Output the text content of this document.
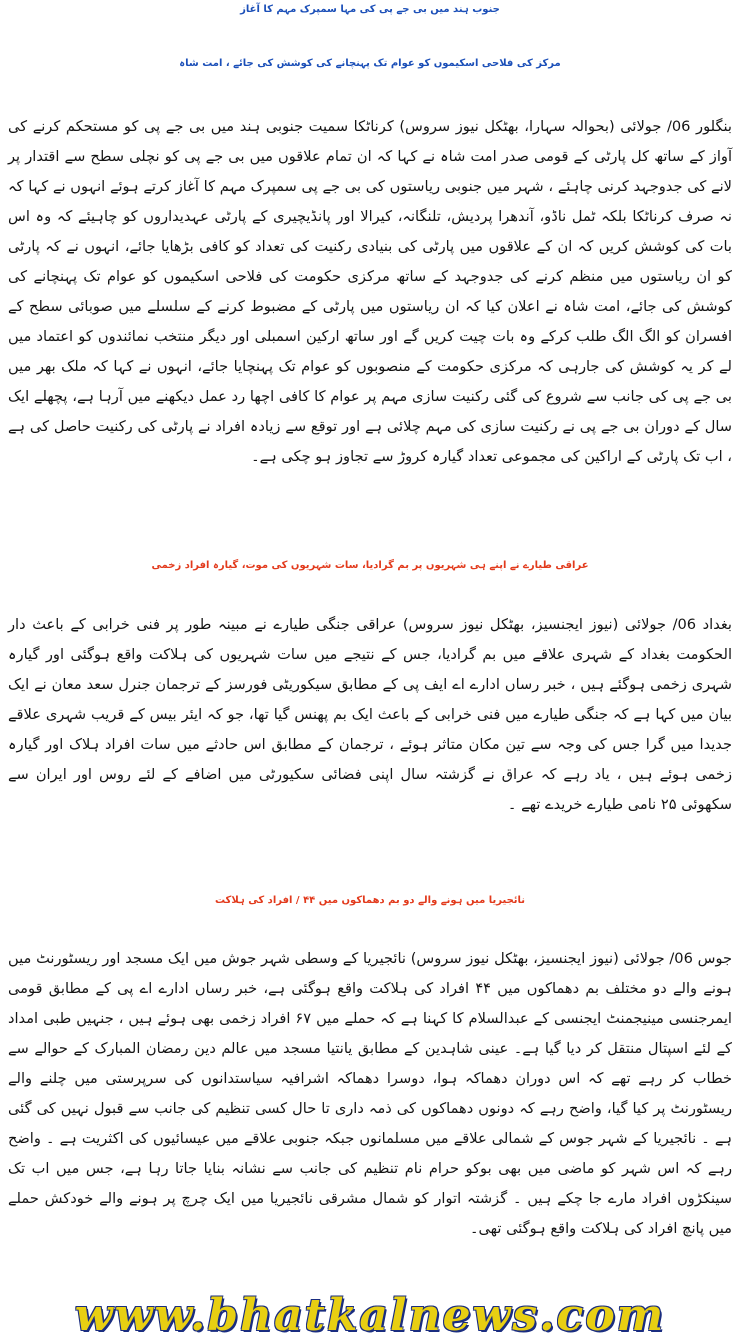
جنوب ہند میں بی جے پی کی مہا سمپرک مہم کا آغاز
مرکز کی فلاحی اسکیموں کو عوام تک پہنچانے کی کوشش کی جائے ، امت شاہ
بنگلور 06/ جولائی (بحوالہ سہارا، بھٹکل نیوز سروس) کرناٹکا سمیت جنوبی ہند میں بی جے پی کو مستحکم کرنے کی آواز کے ساتھ کل پارٹی کے قومی صدر امت شاہ نے کہا کہ ان تمام علاقوں میں بی جے پی کو نچلی سطح سے اقتدار پر لانے کی جدوجہد کرنی چاہئے ، شہر میں جنوبی ریاستوں کی بی جے پی سمپرک مہم کا آغاز کرتے ہوئے انہوں نے کہا کہ نہ صرف کرناٹکا بلکہ ٹمل ناڈو، آندھرا پردیش، تلنگانہ، کیرالا اور پانڈیچیری کے پارٹی عہدیداروں کو چاہیئے کہ وہ اس بات کی کوشش کریں کہ ان کے علاقوں میں پارٹی کی بنیادی رکنیت کی تعداد کو کافی بڑھایا جائے، انہوں نے کہ پارٹی کو ان ریاستوں میں منظم کرنے کی جدوجہد کے ساتھ مرکزی حکومت کی فلاحی اسکیموں کو عوام تک پہنچانے کی کوشش کی جائے، امت شاہ نے اعلان کیا کہ ان ریاستوں میں پارٹی کے مضبوط کرنے کے سلسلے میں صوبائی سطح کے افسران کو الگ الگ طلب کرکے وہ بات چیت کریں گے اور ساتھ ارکین اسمبلی اور دیگر منتخب نمائندوں کو اعتماد میں لے کر یہ کوشش کی جارہی کہ مرکزی حکومت کے منصوبوں کو عوام تک پہنچایا جائے، انہوں نے کہا کہ ملک بھر میں بی جے پی کی جانب سے شروع کی گئی رکنیت سازی مہم پر عوام کا کافی اچھا رد عمل دیکھنے میں آرہا ہے، پچھلے ایک سال کے دوران بی جے پی نے رکنیت سازی کی مہم چلائی ہے اور توقع سے زیادہ افراد نے پارٹی کی رکنیت حاصل کی ہے ، اب تک پارٹی کے اراکین کی مجموعی تعداد گیارہ کروڑ سے تجاوز ہو چکی ہے۔
عراقی طیارے نے اپنے ہی شہریوں پر بم گرادیا، سات شہریوں کی موت، گیارہ افراد زخمی
بغداد 06/ جولائی (نیوز ایجنسیز، بھٹکل نیوز سروس) عراقی جنگی طیارے نے مبینہ طور پر فنی خرابی کے باعث دار الحکومت بغداد کے شہری علاقے میں بم گرادیا، جس کے نتیجے میں سات شہریوں کی ہلاکت واقع ہوگئی اور گیارہ شہری زخمی ہوگئے ہیں ، خبر رساں ادارے اے ایف پی کے مطابق سیکوریٹی فورسز کے ترجمان جنرل سعد معان نے ایک بیان میں کہا ہے کہ جنگی طیارے میں فنی خرابی کے باعث ایک بم پھنس گیا تھا، جو کہ ایئر بیس کے قریب شہری علاقے جدیدا میں گرا جس کی وجہ سے تین مکان متاثر ہوئے ، ترجمان کے مطابق اس حادثے میں سات افراد ہلاک اور گیارہ زخمی ہوئے ہیں ، یاد رہے کہ عراق نے گزشتہ سال اپنی فضائی سکیورٹی میں اضافے کے لئے روس اور ایران سے سکھوئی ۲۵ نامی طیارے خریدے تھے ۔
نائجیریا میں ہونے والے دو بم دھماکوں میں ۴۴ / افراد کی ہلاکت
جوس 06/ جولائی (نیوز ایجنسیز، بھٹکل نیوز سروس) نائجیریا کے وسطی شہر جوش میں ایک مسجد اور ریسٹورنٹ میں ہونے والے دو مختلف بم دھماکوں میں ۴۴ افراد کی ہلاکت واقع ہوگئی ہے، خبر رساں ادارے اے پی کے مطابق قومی ایمرجنسی مینیجمنٹ ایجنسی کے عبدالسلام کا کہنا ہے کہ حملے میں ۶۷ افراد زخمی بھی ہوئے ہیں ، جنہیں طبی امداد کے لئے اسپتال منتقل کر دیا گیا ہے۔ عینی شاہدین کے مطابق یانتیا مسجد میں عالم دین رمضان المبارک کے حوالے سے خطاب کر رہے تھے کہ اس دوران دھماکہ ہوا، دوسرا دھماکہ اشرافیہ سیاستدانوں کی سرپرستی میں چلنے والے ریسٹورنٹ پر کیا گیا، واضح رہے کہ دونوں دھماکوں کی ذمہ داری تا حال کسی تنظیم کی جانب سے قبول نہیں کی گئی ہے ۔ نائجیریا کے شہر جوس کے شمالی علاقے میں مسلمانوں جبکہ جنوبی علاقے میں عیسائیوں کی اکثریت ہے ۔ واضح رہے کہ اس شہر کو ماضی میں بھی بوکو حرام نام تنظیم کی جانب سے نشانہ بنایا جاتا رہا ہے، جس میں اب تک سینکڑوں افراد مارے جا چکے ہیں ۔ گزشتہ اتوار کو شمال مشرقی نائجیریا میں ایک چرچ پر ہونے والے خودکش حملے میں پانچ افراد کی ہلاکت واقع ہوگئی تھی۔
www.bhatkalnews.com
